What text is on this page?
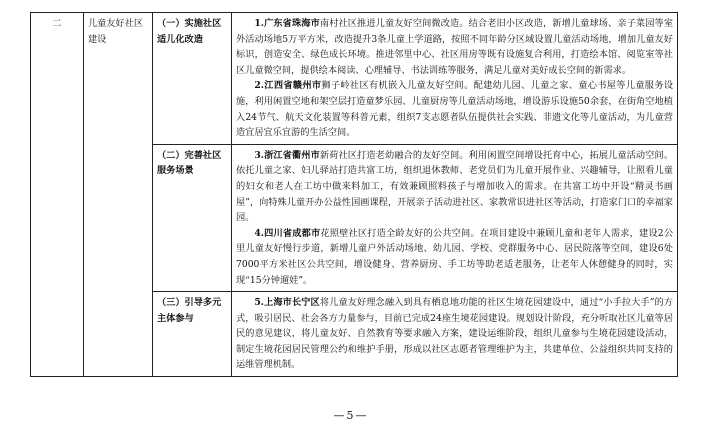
二	儿童友好社区建设	（一）实施社区适儿化改造	1.广东省珠海市南村社区推进儿童友好空间微改造。结合老旧小区改造，新增儿童球场、亲子菜园等室外活动场地5万平方米，改造提升3条儿童上学道路，按照不同年龄分区域设置儿童活动场地，增加儿童友好标识，创造安全、绿色成长环境。推进邻里中心、社区用房等既有设施复合利用，打造绘本馆、阅览室等社区儿童微空间，提供绘本阅读、心理辅导、书法训练等服务，满足儿童对美好成长空间的新需求。

2.江西省赣州市狮子岭社区有机嵌入儿童友好空间。配建幼儿园、儿童之家、童心书屋等儿童服务设施，利用闲置空地和架空层打造童梦乐园、儿童厨房等儿童活动场地，增设游乐设施50余套，在街角空地植入24节气、航天文化装置等科普元素，组织7支志愿者队伍提供社会实践、非遗文化等儿童活动，为儿童营造宜居宜乐宜游的生活空间。

		（二）完善社区服务场景	3.浙江省衢州市新荷社区打造老幼融合的友好空间。利用闲置空间增设托育中心，拓展儿童活动空间。依托儿童之家、妇儿驿站打造共富工坊，组织退休教师、老党员们为儿童开展作业、兴趣辅导，让照看儿童的妇女和老人在工坊中做来料加工，有效兼顾照料孩子与增加收入的需求。在共富工坊中开设“精灵书画屋”，向特殊儿童开办公益性国画课程，开展亲子活动进社区、家教常识进社区等活动，打造家门口的幸福家园。

4.四川省成都市花照壁社区打造全龄友好的公共空间。在项目建设中兼顾儿童和老年人需求，建设2公里儿童友好慢行步道，新增儿童户外活动场地、幼儿园、学校、党群服务中心、居民院落等空间，建设6处7000平方米社区公共空间，增设健身、营养厨房、手工坊等助老适老服务，让老年人休憩健身的同时，实现“15分钟遛娃”。

		（三）引导多元主体参与	5.上海市长宁区将儿童友好理念融入到具有栖息地功能的社区生境花园建设中，通过“小手拉大手”的方式，吸引居民、社会各方力量参与，目前已完成24座生境花园建设。规划设计阶段，充分听取社区儿童等居民的意见建议，将儿童友好、自然教育等要求融入方案，建设运维阶段，组织儿童参与生境花园建设活动，制定生境花园居民管理公约和维护手册，形成以社区志愿者管理维护为主，共建单位、公益组织共同支持的运维管理机制。

—5—
